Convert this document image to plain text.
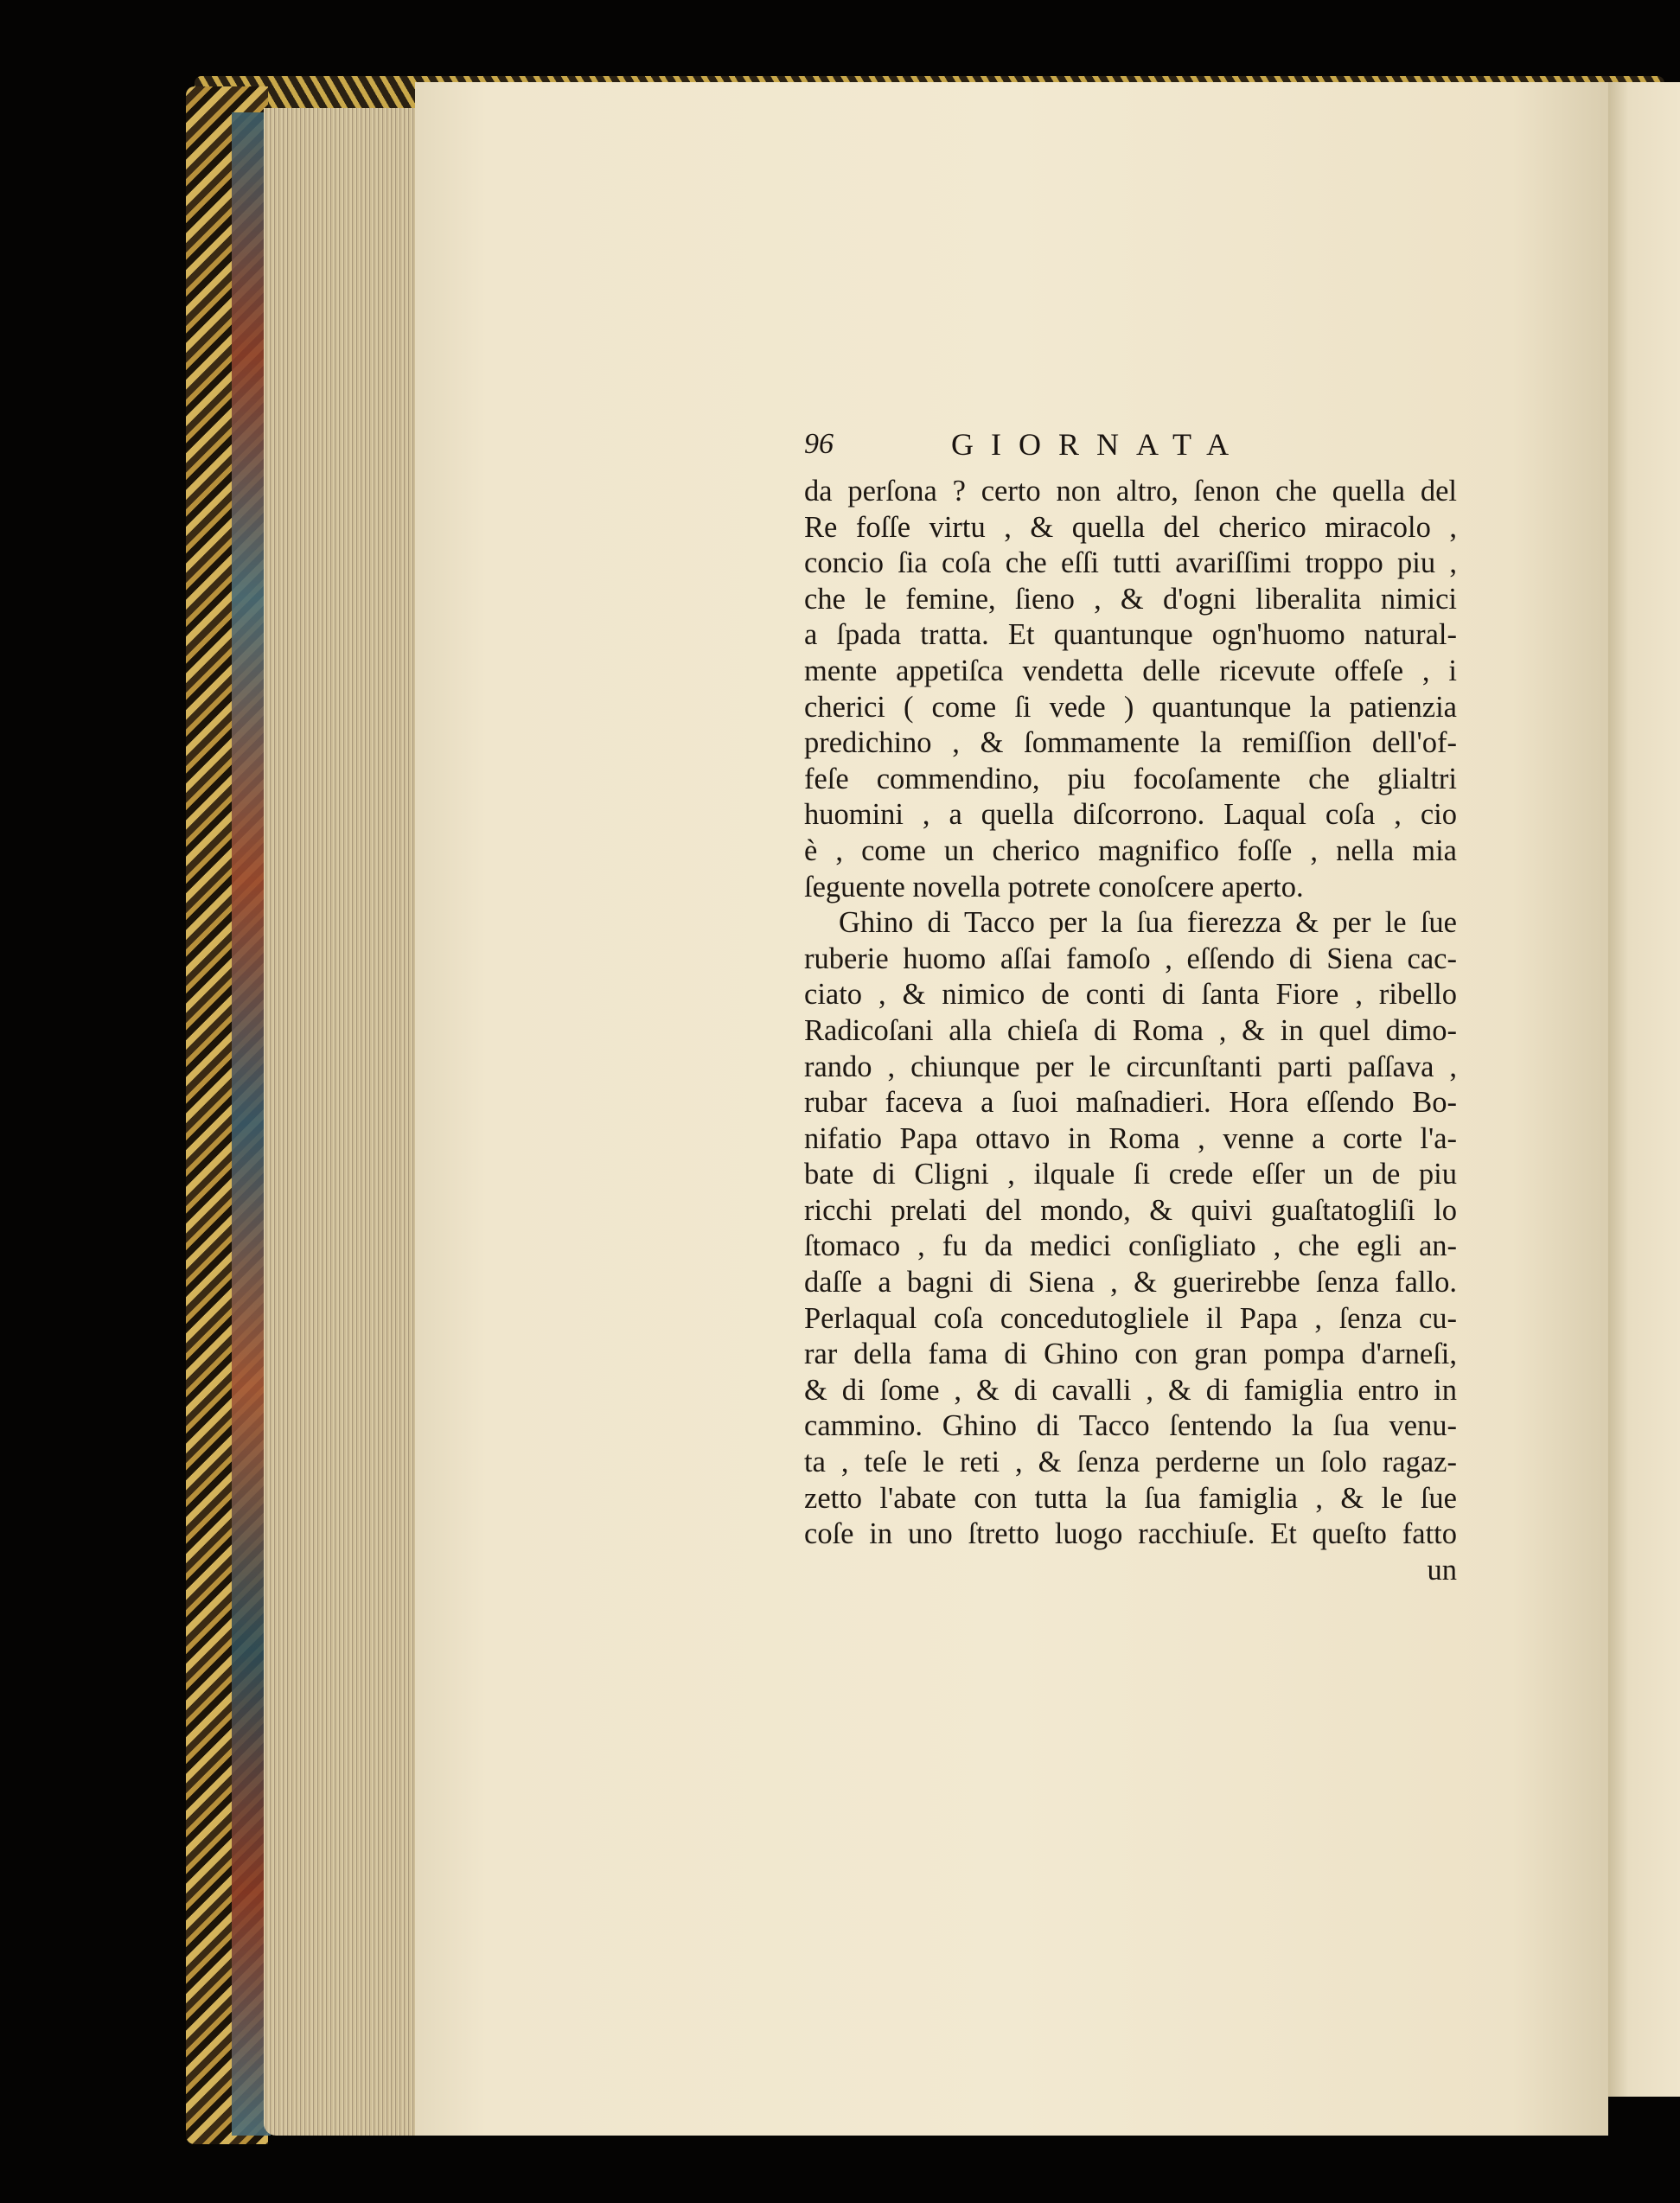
96	GIORNATA
da perſona ? certo non altro, ſenon che quella del
Re foſſe virtu , & quella del cherico miracolo ,
concio ſia coſa che eſſi tutti avariſſimi troppo piu ,
che le femine, ſieno , & d'ogni liberalita nimici
a ſpada tratta. Et quantunque ogn'huomo natural-
mente appetiſca vendetta delle ricevute offeſe , i
cherici ( come ſi vede ) quantunque la patienzia
predichino , & ſommamente la remiſſion dell'of-
feſe commendino, piu focoſamente che glialtri
huomini , a quella diſcorrono. Laqual coſa , cio
è , come un cherico magnifico foſſe , nella mia
ſeguente novella potrete conoſcere aperto.
Ghino di Tacco per la ſua fierezza & per le ſue
ruberie huomo aſſai famoſo , eſſendo di Siena cac-
ciato , & nimico de conti di ſanta Fiore , ribello
Radicoſani alla chieſa di Roma , & in quel dimo-
rando , chiunque per le circunſtanti parti paſſava ,
rubar faceva a ſuoi maſnadieri. Hora eſſendo Bo-
nifatio Papa ottavo in Roma , venne a corte l'a-
bate di Cligni , ilquale ſi crede eſſer un de piu
ricchi prelati del mondo, & quivi guaſtatogliſi lo
ſtomaco , fu da medici conſigliato , che egli an-
daſſe a bagni di Siena , & guerirebbe ſenza fallo.
Perlaqual coſa concedutogliele il Papa , ſenza cu-
rar della fama di Ghino con gran pompa d'arneſi,
& di ſome , & di cavalli , & di famiglia entro in
cammino. Ghino di Tacco ſentendo la ſua venu-
ta , teſe le reti , & ſenza perderne un ſolo ragaz-
zetto l'abate con tutta la ſua famiglia , & le ſue
coſe in uno ſtretto luogo racchiuſe. Et queſto fatto
un
